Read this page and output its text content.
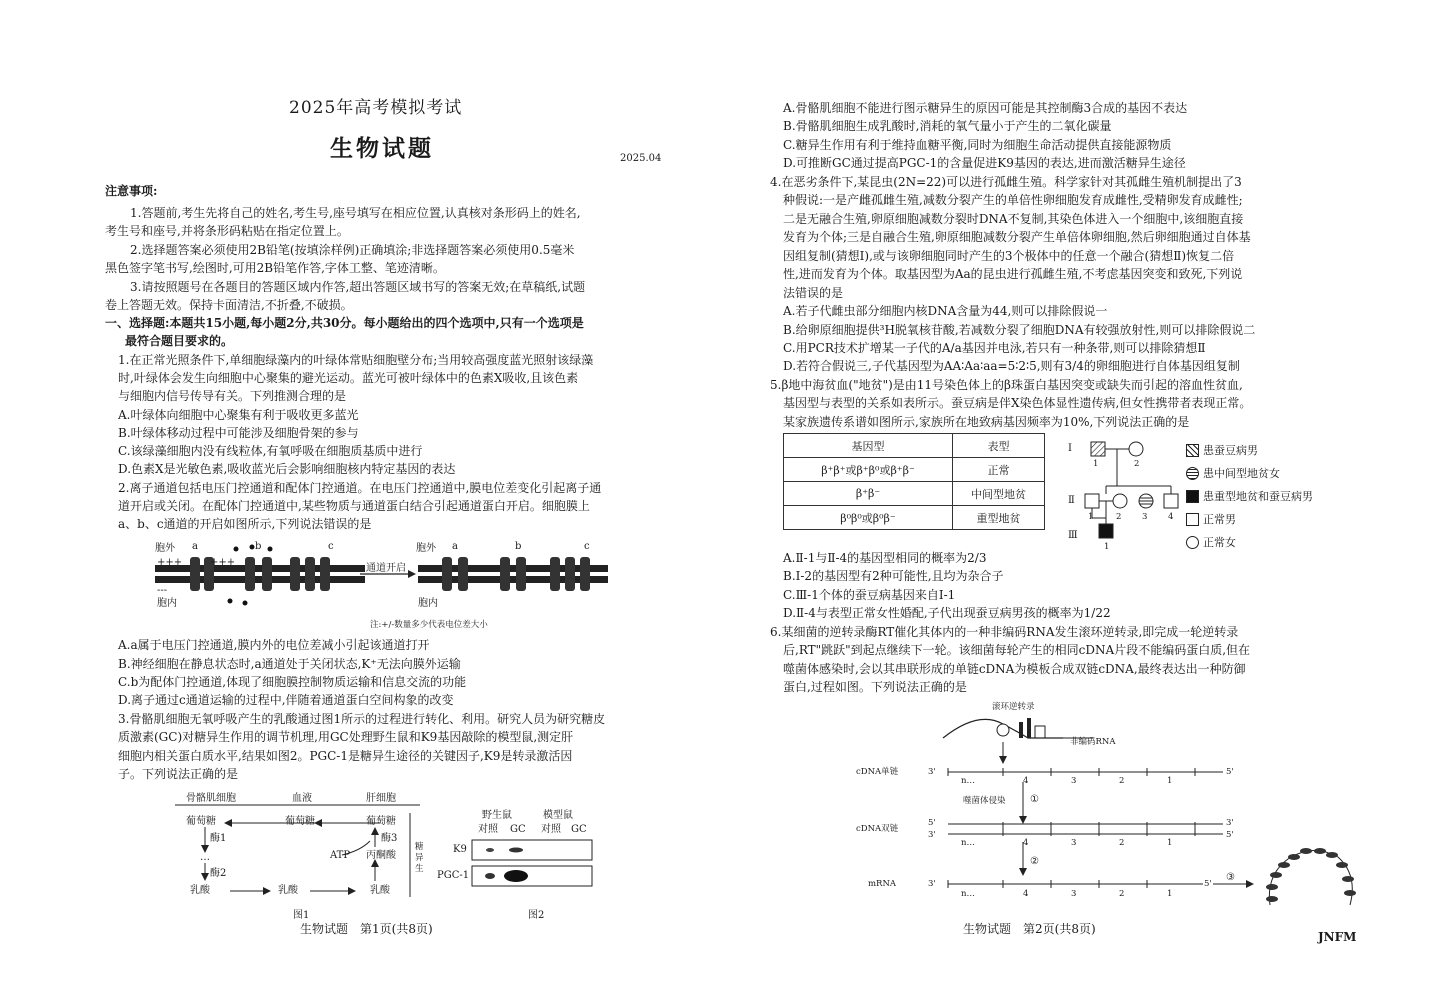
2025年高考模拟考试
生物试题	2025.04
注意事项:
1.答题前,考生先将自己的姓名,考生号,座号填写在相应位置,认真核对条形码上的姓名,
考生号和座号,并将条形码粘贴在指定位置上。
2.选择题答案必须使用2B铅笔(按填涂样例)正确填涂;非选择题答案必须使用0.5毫米
黑色签字笔书写,绘图时,可用2B铅笔作答,字体工整、笔迹清晰。
3.请按照题号在各题目的答题区域内作答,超出答题区域书写的答案无效;在草稿纸,试题
卷上答题无效。保持卡面清洁,不折叠,不破损。
一、选择题:本题共15小题,每小题2分,共30分。每小题给出的四个选项中,只有一个选项是
最符合题目要求的。
1.在正常光照条件下,单细胞绿藻内的叶绿体常贴细胞壁分布;当用较高强度蓝光照射该绿藻
时,叶绿体会发生向细胞中心聚集的避光运动。蓝光可被叶绿体中的色素X吸收,且该色素
与细胞内信号传导有关。下列推测合理的是
A.叶绿体向细胞中心聚集有利于吸收更多蓝光
B.叶绿体移动过程中可能涉及细胞骨架的参与
C.该绿藻细胞内没有线粒体,有氧呼吸在细胞质基质中进行
D.色素X是光敏色素,吸收蓝光后会影响细胞核内特定基因的表达
2.离子通道包括电压门控通道和配体门控通道。在电压门控通道中,膜电位差变化引起离子通
道开启或关闭。在配体门控通道中,某些物质与通道蛋白结合引起通道蛋白开启。细胞膜上
a、b、c通道的开启如图所示,下列说法错误的是
胞外 a	b	c
+++	+++
---
胞内
通道开启
胞外 a	b	c
胞内
注:+/-数量多少代表电位差大小
A.a属于电压门控通道,膜内外的电位差减小引起该通道打开
B.神经细胞在静息状态时,a通道处于关闭状态,K⁺无法向膜外运输
C.b为配体门控通道,体现了细胞膜控制物质运输和信息交流的功能
D.离子通过c通道运输的过程中,伴随着通道蛋白空间构象的改变
3.骨骼肌细胞无氧呼吸产生的乳酸通过图1所示的过程进行转化、利用。研究人员为研究糖皮
质激素(GC)对糖异生作用的调节机理,用GC处理野生鼠和K9基因敲除的模型鼠,测定肝
细胞内相关蛋白质水平,结果如图2。PGC-1是糖异生途径的关键因子,K9是转录激活因
子。下列说法正确的是
骨骼肌细胞	血液	肝细胞
葡萄糖	葡萄糖	葡萄糖
酶1	酶3
…	ATP 丙酮酸
酶2
乳酸	乳酸	乳酸
糖异生
图1
野生鼠	模型鼠
对照 GC 对照 GC
K9
PGC-1
图2
生物试题　第1页(共8页)
A.骨骼肌细胞不能进行图示糖异生的原因可能是其控制酶3合成的基因不表达
B.骨骼肌细胞生成乳酸时,消耗的氧气量小于产生的二氧化碳量
C.糖异生作用有利于维持血糖平衡,同时为细胞生命活动提供直接能源物质
D.可推断GC通过提高PGC-1的含量促进K9基因的表达,进而激活糖异生途径
4.在恶劣条件下,某昆虫(2N=22)可以进行孤雌生殖。科学家针对其孤雌生殖机制提出了3
种假说:一是产雌孤雌生殖,减数分裂产生的单倍性卵细胞发育成雌性,受精卵发育成雌性;
二是无融合生殖,卵原细胞减数分裂时DNA不复制,其染色体进入一个细胞中,该细胞直接
发育为个体;三是自融合生殖,卵原细胞减数分裂产生单倍体卵细胞,然后卵细胞通过自体基
因组复制(猜想Ⅰ),或与该卵细胞同时产生的3个极体中的任意一个融合(猜想Ⅱ)恢复二倍
性,进而发育为个体。取基因型为Aa的昆虫进行孤雌生殖,不考虑基因突变和致死,下列说
法错误的是
A.若子代雌虫部分细胞内核DNA含量为44,则可以排除假说一
B.给卵原细胞提供³H脱氧核苷酸,若减数分裂了细胞DNA有较强放射性,则可以排除假说二
C.用PCR技术扩增某一子代的A/a基因并电泳,若只有一种条带,则可以排除猜想Ⅱ
D.若符合假说三,子代基因型为AA∶Aa∶aa=5∶2∶5,则有3/4的卵细胞进行自体基因组复制
5.β地中海贫血("地贫")是由11号染色体上的β珠蛋白基因突变或缺失而引起的溶血性贫血,
基因型与表型的关系如表所示。蚕豆病是伴X染色体显性遗传病,但女性携带者表现正常。
某家族遗传系谱如图所示,家族所在地致病基因频率为10%,下列说法正确的是
基因型	表型
β⁺β⁺或β⁺β⁰或β⁺β⁻	正常
β⁺β⁻	中间型地贫
β⁰β⁰或β⁰β⁻	重型地贫
Ⅰ
Ⅱ
Ⅲ
1	2
1	2 3 4
1
患蚕豆病男
患中间型地贫女
患重型地贫和蚕豆病男
正常男
正常女
A.Ⅱ-1与Ⅱ-4的基因型相同的概率为2/3
B.Ⅰ-2的基因型有2种可能性,且均为杂合子
C.Ⅲ-1个体的蚕豆病基因来自Ⅰ-1
D.Ⅱ-4与表型正常女性婚配,子代出现蚕豆病男孩的概率为1/22
6.某细菌的逆转录酶RT催化其体内的一种非编码RNA发生滚环逆转录,即完成一轮逆转录
后,RT"跳跃"到起点继续下一轮。该细菌每轮产生的相同cDNA片段不能编码蛋白质,但在
噬菌体感染时,会以其串联形成的单链cDNA为模板合成双链cDNA,最终表达出一种防御
蛋白,过程如图。下列说法正确的是
滚环逆转录
非编码RNA
cDNA单链	3'	5'
n…	4	3	2	1
噬菌体侵染 ①
cDNA双链
5'
3'
3'
5'
n…	4	3	2	1
②
mRNA	3'	5'
n…	4	3	2	1
③
生物试题　第2页(共8页)
JNFM
